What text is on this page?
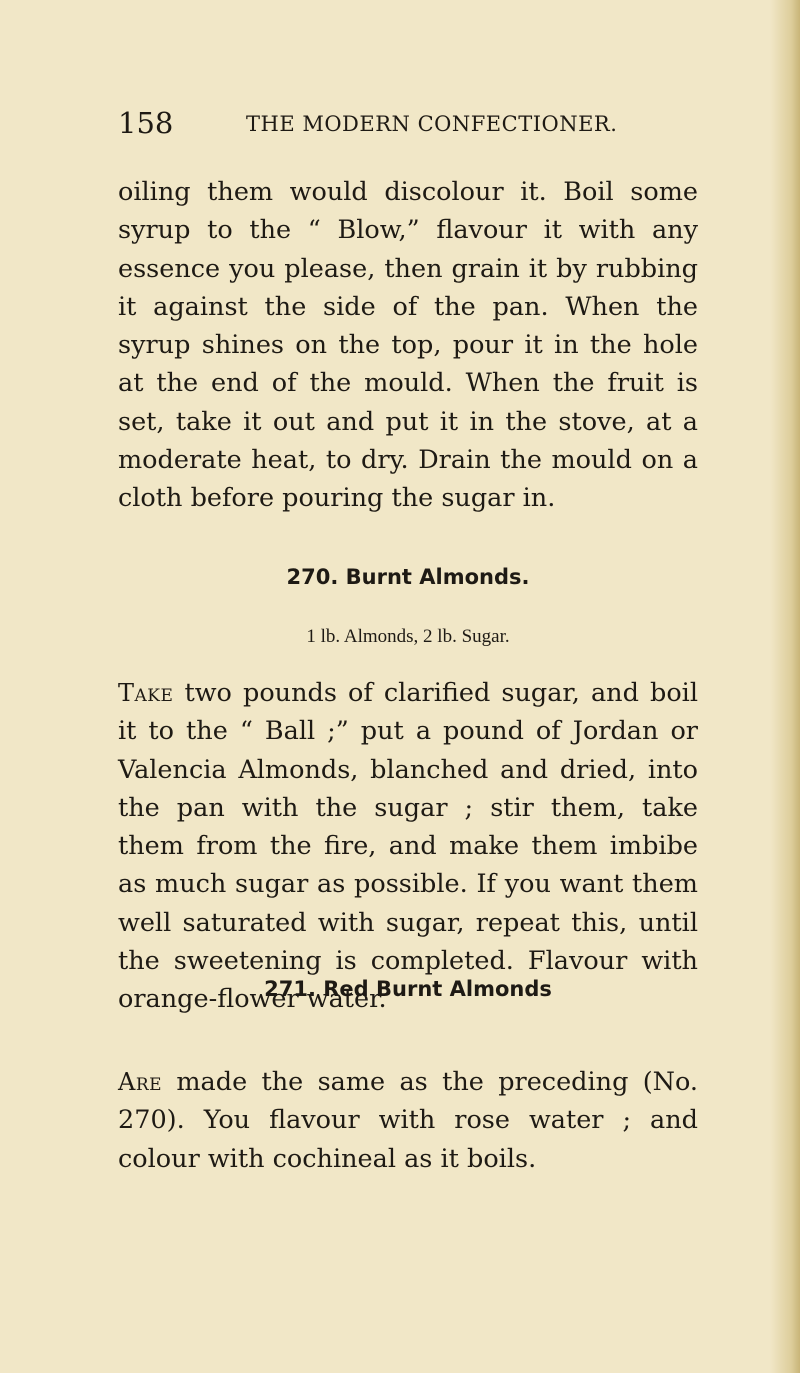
158	THE MODERN CONFECTIONER.

oiling them would discolour it. Boil some syrup to the “ Blow,” flavour it with any essence you please, then grain it by rubbing it against the side of the pan. When the syrup shines on the top, pour it in the hole at the end of the mould. When the fruit is set, take it out and put it in the stove, at a moderate heat, to dry. Drain the mould on a cloth before pouring the sugar in.

270. Burnt Almonds.
1 lb. Almonds, 2 lb. Sugar.

Take two pounds of clarified sugar, and boil it to the “ Ball ;” put a pound of Jordan or Valencia Almonds, blanched and dried, into the pan with the sugar ; stir them, take them from the fire, and make them imbibe as much sugar as possible. If you want them well saturated with sugar, repeat this, until the sweetening is completed. Flavour with orange-flower water.

271. Red Burnt Almonds

Are made the same as the preceding (No. 270). You flavour with rose water ; and colour with cochineal as it boils.
